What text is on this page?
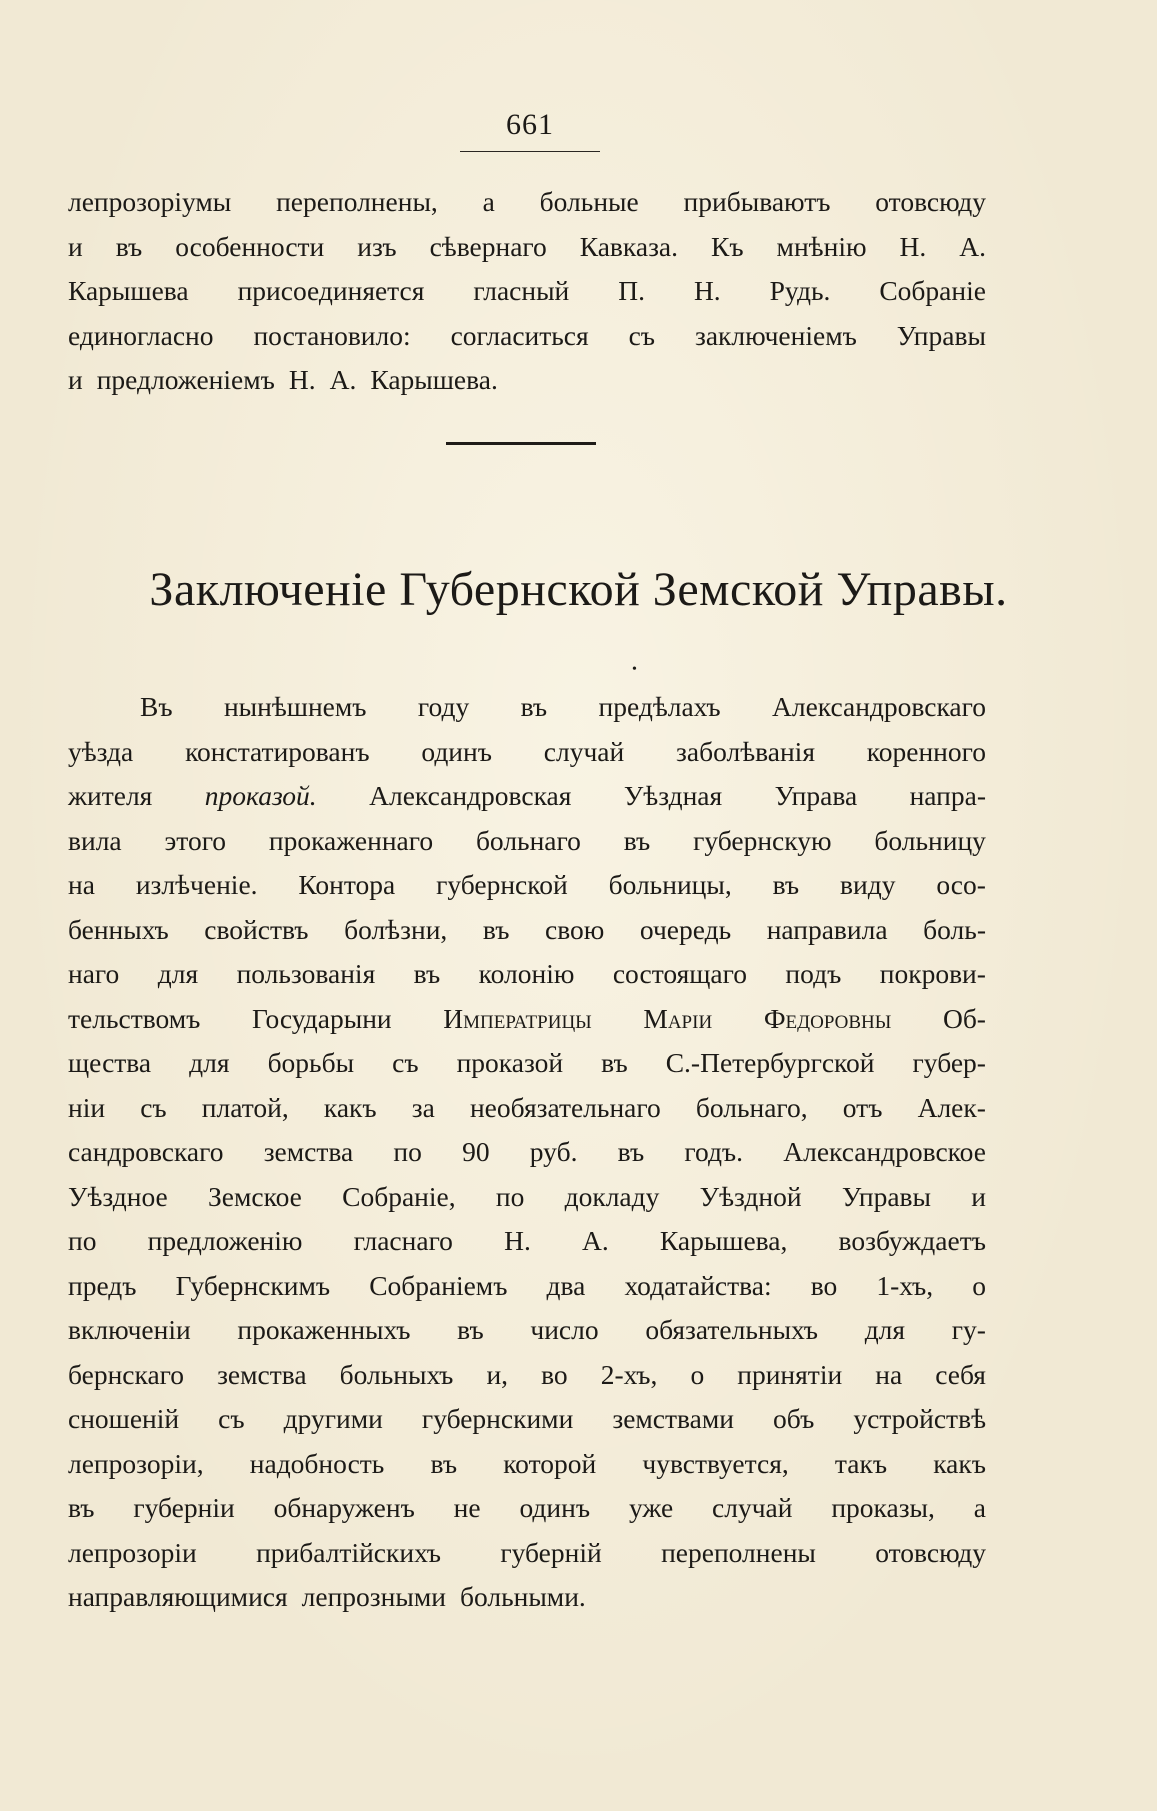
661
лепрозоріумы переполнены, а больные прибываютъ отовсюду
и въ особенности изъ сѣвернаго Кавказа. Къ мнѣнію Н. А.
Карышева присоединяется гласный П. Н. Рудь. Собраніе
единогласно постановило: согласиться съ заключеніемъ Управы
и предложеніемъ Н. А. Карышева.
Заключеніе Губернской Земской Управы.
•
Въ нынѣшнемъ году въ предѣлахъ Александровскаго
уѣзда констатированъ одинъ случай заболѣванія коренного
жителя проказой. Александровская Уѣздная Управа напра-
вила этого прокаженнаго больнаго въ губернскую больницу
на излѣченіе. Контора губернской больницы, въ виду осо-
бенныхъ свойствъ болѣзни, въ свою очередь направила боль-
наго для пользованія въ колонію состоящаго подъ покрови-
тельствомъ Государыни Императрицы Маріи Федоровны Об-
щества для борьбы съ проказой въ С.-Петербургской губер-
ніи съ платой, какъ за необязательнаго больнаго, отъ Алек-
сандровскаго земства по 90 руб. въ годъ. Александровское
Уѣздное Земское Собраніе, по докладу Уѣздной Управы и
по предложенію гласнаго Н. А. Карышева, возбуждаетъ
предъ Губернскимъ Собраніемъ два ходатайства: во 1-хъ, о
включеніи прокаженныхъ въ число обязательныхъ для гу-
бернскаго земства больныхъ и, во 2-хъ, о принятіи на себя
сношеній съ другими губернскими земствами объ устройствѣ
лепрозоріи, надобность въ которой чувствуется, такъ какъ
въ губерніи обнаруженъ не одинъ уже случай проказы, а
лепрозоріи прибалтійскихъ губерній переполнены отовсюду
направляющимися лепрозными больными.
